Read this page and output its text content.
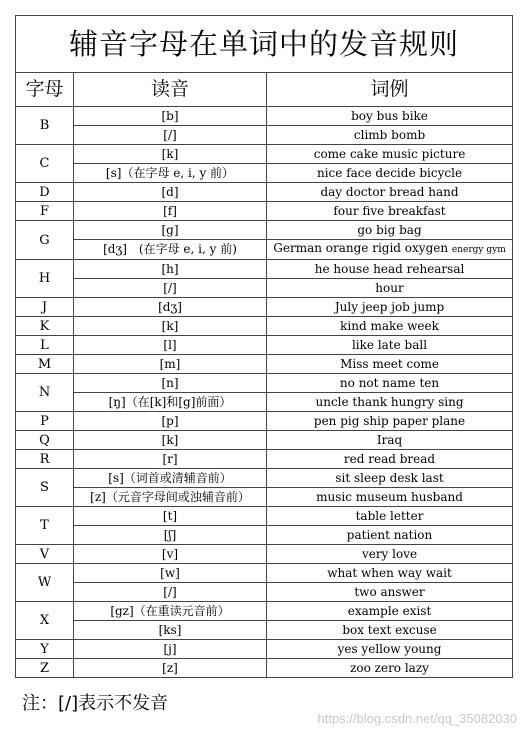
辅音字母在单词中的发音规则		
字母	读音	词例
B	[b]	boy bus bike
	[/]	climb bomb
C	[k]	come cake music picture
	[s]（在字母 e, i, y 前）	nice face decide bicycle
D	[d]	day doctor bread hand
F	[f]	four five breakfast
G	[g]	go big bag
	[dʒ]　(在字母 e, i, y 前)	German orange rigid oxygen energy gym
H	[h]	he house head rehearsal
	[/]	hour
J	[dʒ]	July jeep job jump
K	[k]	kind make week
L	[l]	like late ball
M	[m]	Miss meet come
N	[n]	no not name ten
	[ŋ]（在[k]和[g]前面）	uncle thank hungry sing
P	[p]	pen pig ship paper plane
Q	[k]	Iraq
R	[r]	red read bread
S	[s]（词首或清辅音前）	sit sleep desk last
	[z]（元音字母间或浊辅音前）	music museum husband
T	[t]	table letter
	[ʃ]	patient nation
V	[v]	very love
W	[w]	what when way wait
	[/]	two answer
X	[gz]（在重读元音前）	example exist
	[ks]	box text excuse
Y	[j]	yes yellow young
Z	[z]	zoo zero lazy
注：[/]表示不发音
https://blog.csdn.net/qq_35082030
